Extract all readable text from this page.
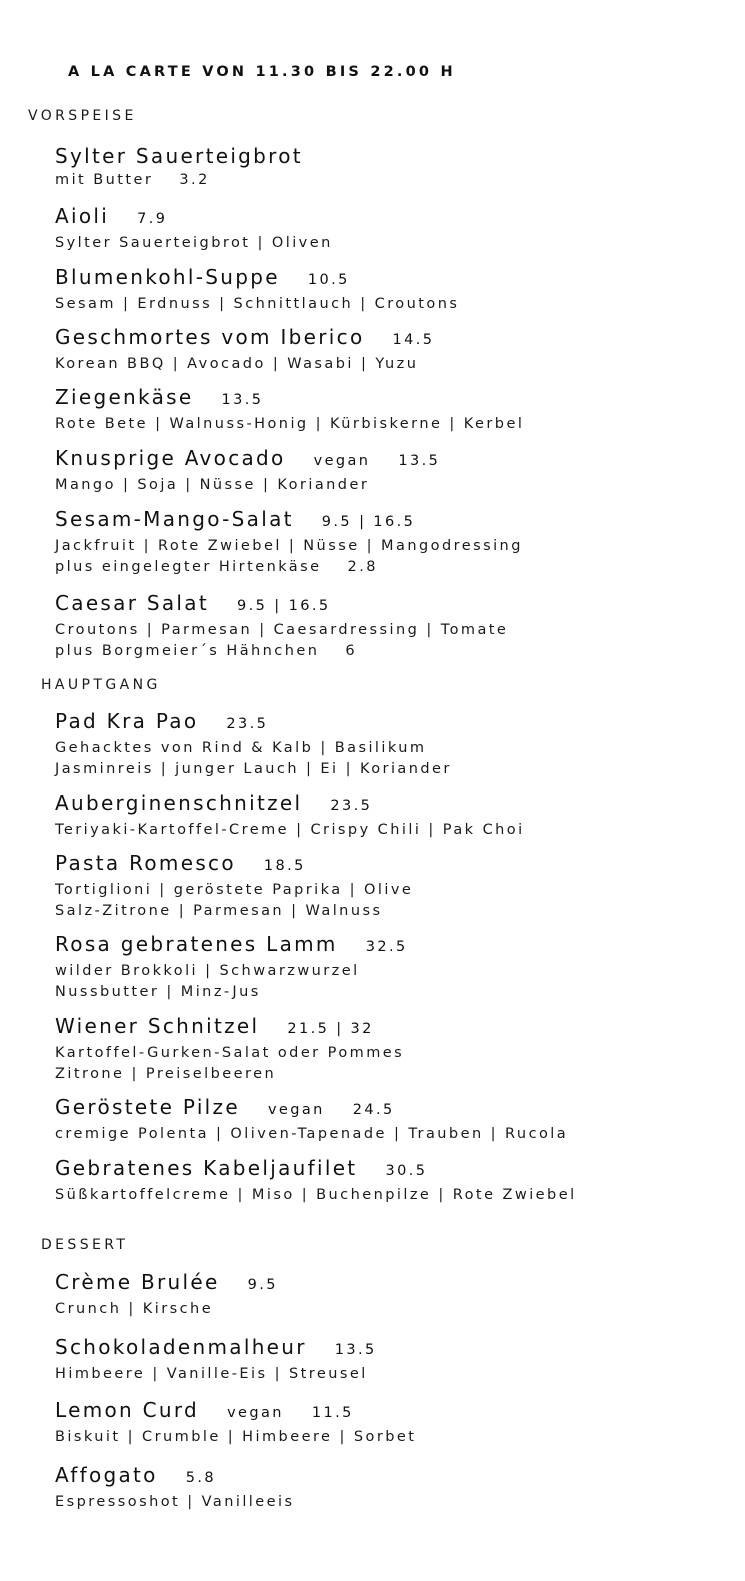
A LA CARTE VON 11.30 BIS 22.00 H
VORSPEISE
Sylter Sauerteigbrot
mit Butter 3.2
Aioli 7.9
Sylter Sauerteigbrot | Oliven
Blumenkohl-Suppe 10.5
Sesam | Erdnuss | Schnittlauch | Croutons
Geschmortes vom Iberico 14.5
Korean BBQ | Avocado | Wasabi | Yuzu
Ziegenkäse 13.5
Rote Bete | Walnuss-Honig | Kürbiskerne | Kerbel
Knusprige Avocado vegan 13.5
Mango | Soja | Nüsse | Koriander
Sesam-Mango-Salat 9.5 | 16.5
Jackfruit | Rote Zwiebel | Nüsse | Mangodressing
plus eingelegter Hirtenkäse 2.8
Caesar Salat 9.5 | 16.5
Croutons | Parmesan | Caesardressing | Tomate
plus Borgmeier´s Hähnchen 6
HAUPTGANG
Pad Kra Pao 23.5
Gehacktes von Rind & Kalb | Basilikum
Jasminreis | junger Lauch | Ei | Koriander
Auberginenschnitzel 23.5
Teriyaki-Kartoffel-Creme | Crispy Chili | Pak Choi
Pasta Romesco 18.5
Tortiglioni | geröstete Paprika | Olive
Salz-Zitrone | Parmesan | Walnuss
Rosa gebratenes Lamm 32.5
wilder Brokkoli | Schwarzwurzel
Nussbutter | Minz-Jus
Wiener Schnitzel 21.5 | 32
Kartoffel-Gurken-Salat oder Pommes
Zitrone | Preiselbeeren
Geröstete Pilze vegan 24.5
cremige Polenta | Oliven-Tapenade | Trauben | Rucola
Gebratenes Kabeljaufilet 30.5
Süßkartoffelcreme | Miso | Buchenpilze | Rote Zwiebel
DESSERT
Crème Brulée 9.5
Crunch | Kirsche
Schokoladenmalheur 13.5
Himbeere | Vanille-Eis | Streusel
Lemon Curd vegan 11.5
Biskuit | Crumble | Himbeere | Sorbet
Affogato 5.8
Espressoshot | Vanilleeis
